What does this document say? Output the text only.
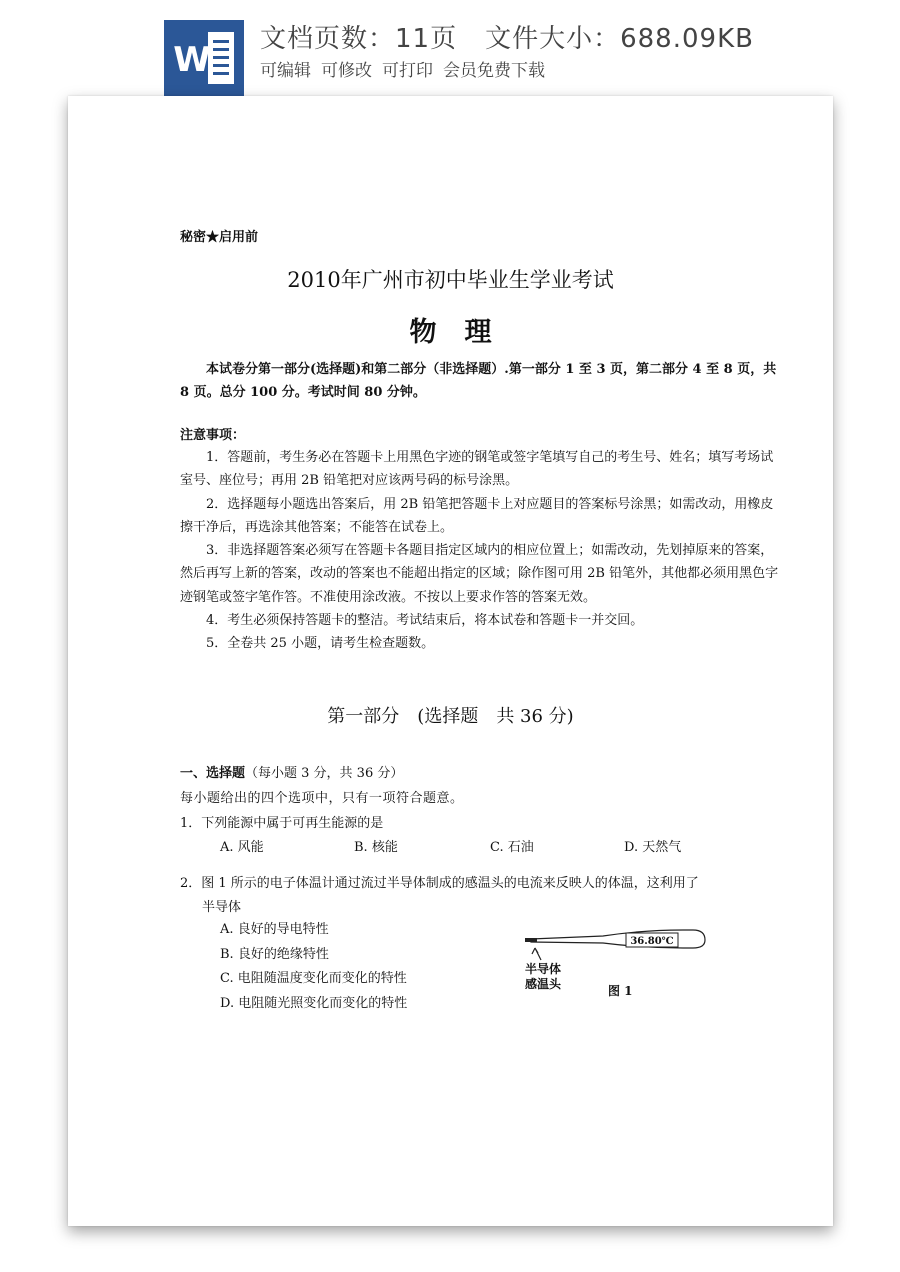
W
文档页数：11页 文件大小：688.09KB
可编辑 可修改 可打印 会员免费下载
秘密★启用前
2010年广州市初中毕业生学业考试
物理
本试卷分第一部分(选择题)和第二部分（非选择题）.第一部分 1 至 3 页，第二部分 4 至 8 页，共 8 页。总分 100 分。考试时间 80 分钟。
注意事项：

1．答题前，考生务必在答题卡上用黑色字迹的钢笔或签字笔填写自己的考生号、姓名；填写考场试室号、座位号；再用 2B 铅笔把对应该两号码的标号涂黑。

2．选择题每小题选出答案后，用 2B 铅笔把答题卡上对应题目的答案标号涂黑；如需改动，用橡皮擦干净后，再选涂其他答案；不能答在试卷上。

3．非选择题答案必须写在答题卡各题目指定区域内的相应位置上；如需改动，先划掉原来的答案，然后再写上新的答案，改动的答案也不能超出指定的区域；除作图可用 2B 铅笔外，其他都必须用黑色字迹钢笔或签字笔作答。不准使用涂改液。不按以上要求作答的答案无效。

4．考生必须保持答题卡的整洁。考试结束后，将本试卷和答题卡一并交回。

5．全卷共 25 小题，请考生检查题数。

第一部分　(选择题　共 36 分)
一、选择题（每小题 3 分，共 36 分）
每小题给出的四个选项中，只有一项符合题意。
1．下列能源中属于可再生能源的是
A. 风能	B. 核能	C. 石油	D. 天然气
2．图 1 所示的电子体温计通过流过半导体制成的感温头的电流来反映人的体温，这利用了
半导体
A. 良好的导电特性
B. 良好的绝缘特性
C. 电阻随温度变化而变化的特性
D. 电阻随光照变化而变化的特性
36.80℃
半导体
感温头	图 1
